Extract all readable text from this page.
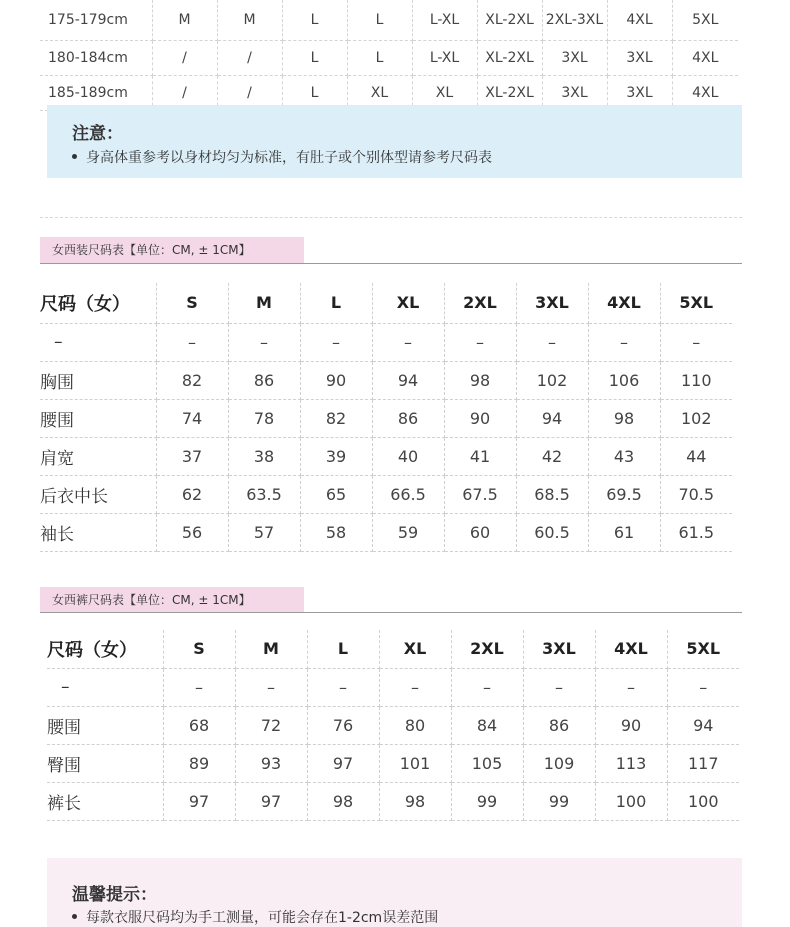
175-179cm	M	M	L	L	L-XL	XL-2XL	2XL-3XL	4XL	5XL
180-184cm	/	/	L	L	L-XL	XL-2XL	3XL	3XL	4XL
185-189cm	/	/	L	XL	XL	XL-2XL	3XL	3XL	4XL
注意：
身高体重参考以身材均匀为标准，有肚子或个别体型请参考尺码表
女西装尺码表【单位：CM, ± 1CM】
尺码（女）	S	M	L	XL	2XL	3XL	4XL	5XL
–	–	–	–	–	–	–	–	–
胸围	82	86	90	94	98	102	106	110
腰围	74	78	82	86	90	94	98	102
肩宽	37	38	39	40	41	42	43	44
后衣中长	62	63.5	65	66.5	67.5	68.5	69.5	70.5
袖长	56	57	58	59	60	60.5	61	61.5
女西裤尺码表【单位：CM, ± 1CM】
尺码（女）	S	M	L	XL	2XL	3XL	4XL	5XL
–	–	–	–	–	–	–	–	–
腰围	68	72	76	80	84	86	90	94
臀围	89	93	97	101	105	109	113	117
裤长	97	97	98	98	99	99	100	100
温馨提示：
每款衣服尺码均为手工测量，可能会存在1-2cm误差范围
